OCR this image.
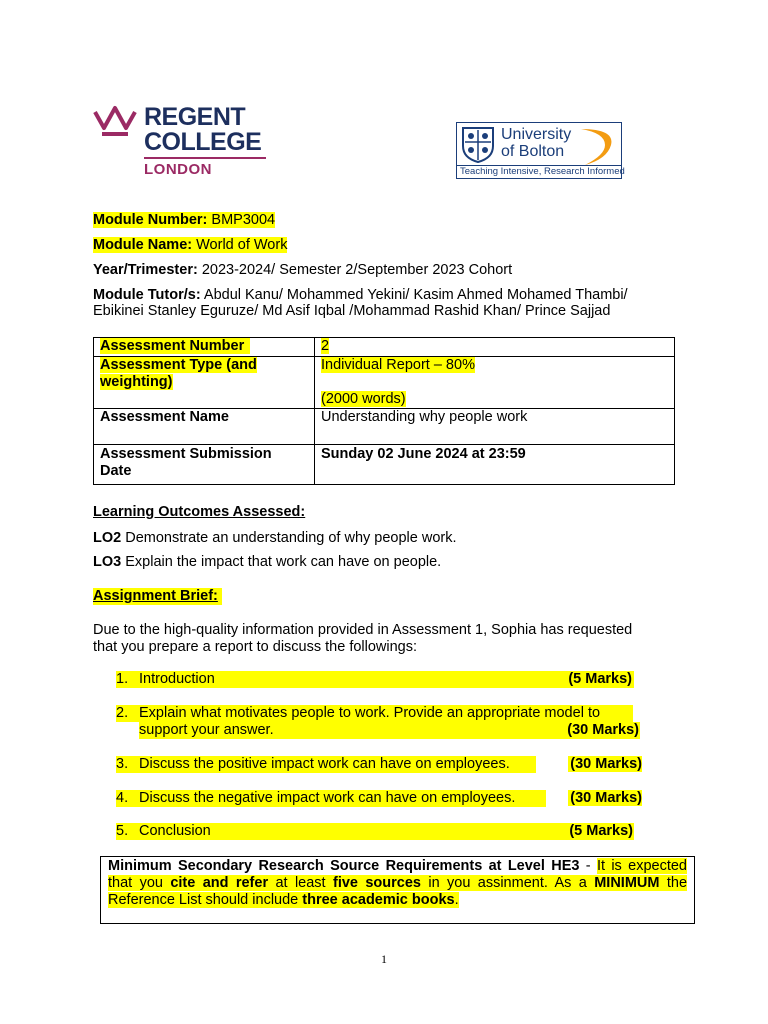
REGENT
COLLEGE
LONDON
University
of Bolton
Teaching Intensive, Research Informed
Module Number: BMP3004
Module Name: World of Work
Year/Trimester: 2023-2024/ Semester 2/September 2023 Cohort
Module Tutor/s: Abdul Kanu/ Mohammed Yekini/ Kasim Ahmed Mohamed Thambi/
Ebikinei Stanley Eguruze/ Md Asif Iqbal /Mohammad Rashid Khan/ Prince Sajjad
Assessment Number	2
Assessment Type (and
weighting)	Individual Report – 80%

(2000 words)
Assessment Name	Understanding why people work
Assessment Submission
Date	Sunday 02 June 2024 at 23:59
Learning Outcomes Assessed:
LO2 Demonstrate an understanding of why people work.
LO3 Explain the impact that work can have on people.
Assignment Brief:
Due to the high-quality information provided in Assessment 1, Sophia has requested
that you prepare a report to discuss the followings:
1. Introduction	(5 Marks)
2. Explain what motivates people to work. Provide an appropriate model to
support your answer.	(30 Marks)
3. Discuss the positive impact work can have on employees.	(30 Marks)
4. Discuss the negative impact work can have on employees.	(30 Marks)
5. Conclusion	(5 Marks)
Minimum Secondary Research Source Requirements at Level HE3 - It is expected that you cite and refer at least five sources in you assinment. As a MINIMUM the Reference List should include three academic books.
1
